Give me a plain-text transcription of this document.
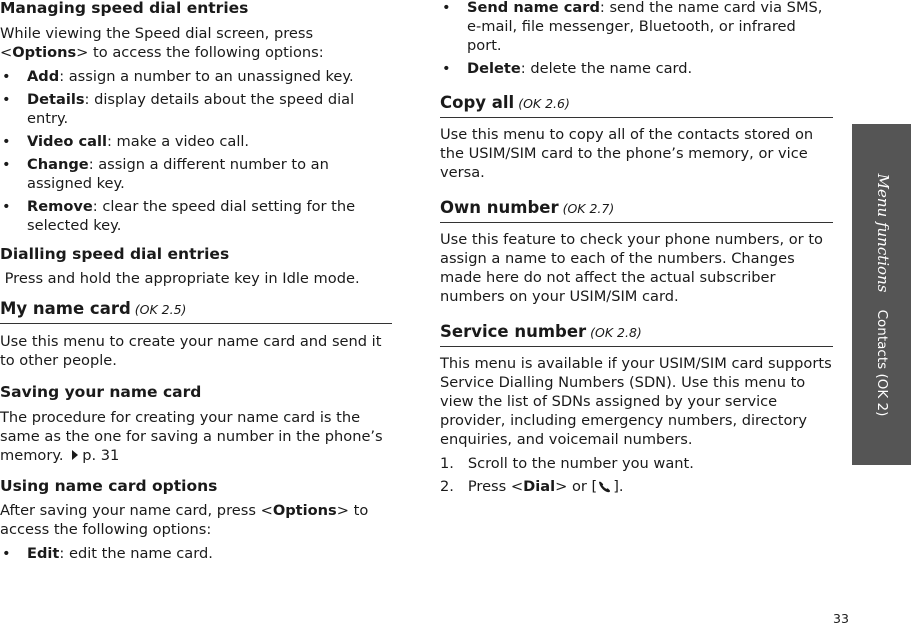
Managing speed dial entries

While viewing the Speed dial screen, press
<Options> to access the following options:

• Add: assign a number to an unassigned key.
• Details: display details about the speed dial entry.
• Video call: make a video call.
• Change: assign a different number to an assigned key.
• Remove: clear the speed dial setting for the selected key.
Dialling speed dial entries

Press and hold the appropriate key in Idle mode.

My name card (OK 2.5)

Use this menu to create your name card and send it to other people.

Saving your name card

The procedure for creating your name card is the same as the one for saving a number in the phone’s memory. p. 31

Using name card options

After saving your name card, press <Options> to access the following options:

• Edit: edit the name card.
• Send name card: send the name card via SMS, e-mail, file messenger, Bluetooth, or infrared port.
• Delete: delete the name card.
Copy all (OK 2.6)

Use this menu to copy all of the contacts stored on the USIM/SIM card to the phone’s memory, or vice versa.

Own number (OK 2.7)

Use this feature to check your phone numbers, or to assign a name to each of the numbers. Changes made here do not affect the actual subscriber numbers on your USIM/SIM card.

Service number (OK 2.8)

This menu is available if your USIM/SIM card supports Service Dialling Numbers (SDN). Use this menu to view the list of SDNs assigned by your service provider, including emergency numbers, directory enquiries, and voicemail numbers.

1.   Scroll to the number you want.
2.   Press <Dial> or [ ].
Menu functions    Contacts (OK 2)
33
